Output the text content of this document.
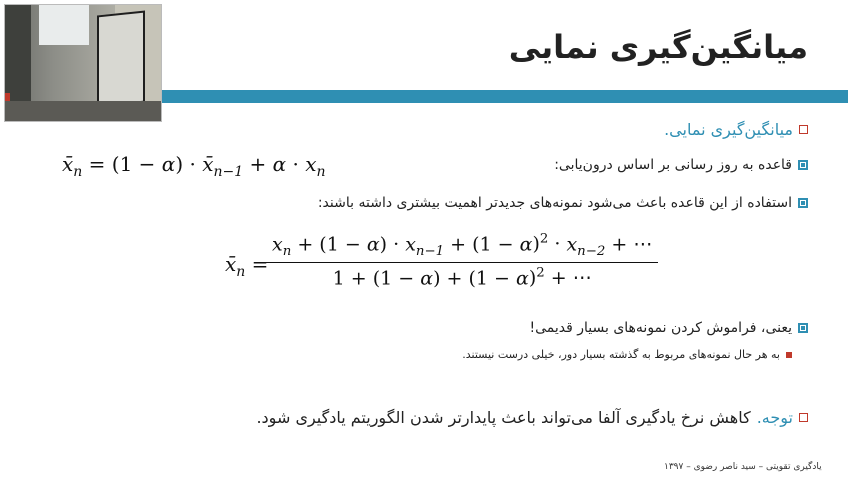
میانگین‌گیری نمایی
میانگین‌گیری نمایی.
قاعده به روز رسانی بر اساس درون‌یابی:
$x̄_n = (1 - \alpha)$ · $x̄_{n-1} + \alpha \cdot x_n$
استفاده از این قاعده باعث می‌شود نمونه‌های جدیدتر اهمیت بیشتری داشته باشند:
$x̄_n$ =
$\frac{x_n + (1 - \alpha) \cdot x_{n-1} + (1 - \alpha)^2 \cdot x_{n-2} + \cdots}{1 + (1 - \alpha) + (1 - \alpha)^2 + \cdots}$
یعنی، فراموش کردن نمونه‌های بسیار قدیمی!
به هر حال نمونه‌های مربوط به گذشته بسیار دور، خیلی درست نیستند.
توجه.
کاهش نرخ یادگیری آلفا می‌تواند باعث پایدارتر شدن الگوریتم یادگیری شود.
یادگیری تقویتی – سید ناصر رضوی – ۱۳۹۷
